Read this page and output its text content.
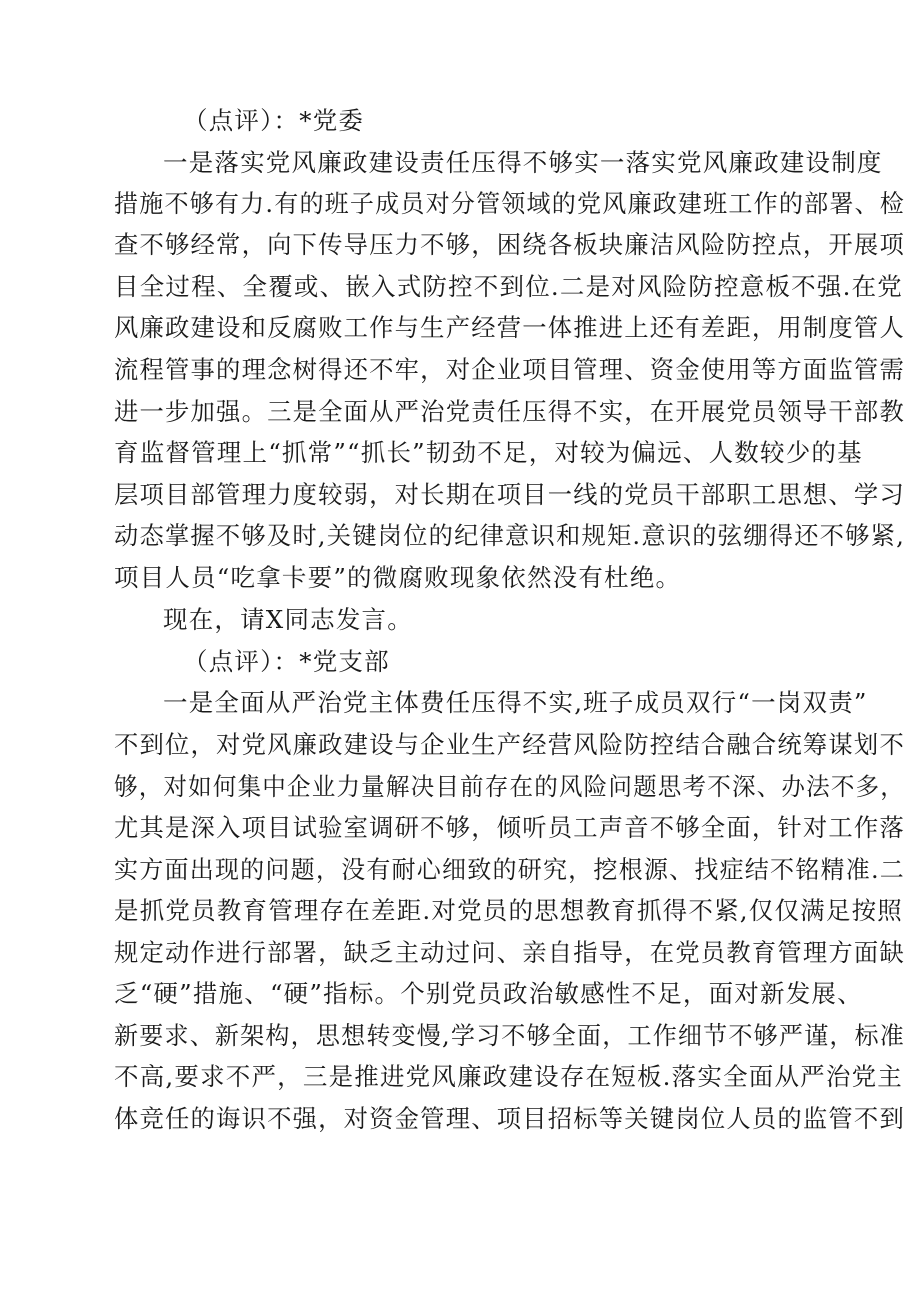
（点评）：*党委
一是落实党风廉政建设责任压得不够实一落实党风廉政建设制度
措施不够有力.有的班子成员对分管领域的党风廉政建班工作的部署、检
查不够经常，向下传导压力不够，困绕各板块廉洁风险防控点，开展项
目全过程、全覆或、嵌入式防控不到位.二是对风险防控意板不强.在党
风廉政建设和反腐败工作与生产经营一体推进上还有差距，用制度管人
流程管事的理念树得还不牢，对企业项目管理、资金使用等方面监管需
进一步加强。三是全面从严治党责任压得不实，在开展党员领导干部教
育监督管理上“抓常”“抓长”韧劲不足，对较为偏远、人数较少的基
层项目部管理力度较弱，对长期在项目一线的党员干部职工思想、学习
动态掌握不够及时,关键岗位的纪律意识和规矩.意识的弦绷得还不够紧,
项目人员“吃拿卡要”的微腐败现象依然没有杜绝。
现在，请X同志发言。
（点评）：*党支部
一是全面从严治党主体费任压得不实,班子成员双行“一岗双责”
不到位，对党风廉政建设与企业生产经营风险防控结合融合统筹谋划不
够，对如何集中企业力量解决目前存在的风险问题思考不深、办法不多，
尤其是深入项目试验室调研不够，倾听员工声音不够全面，针对工作落
实方面出现的问题，没有耐心细致的研究，挖根源、找症结不铭精准.二
是抓党员教育管理存在差距.对党员的思想教育抓得不紧,仅仅满足按照
规定动作进行部署，缺乏主动过问、亲自指导，在党员教育管理方面缺
乏“硬”措施、“硬”指标。个别党员政治敏感性不足，面对新发展、
新要求、新架构，思想转变慢,学习不够全面，工作细节不够严谨，标准
不高,要求不严，三是推进党风廉政建设存在短板.落实全面从严治党主
体竞任的诲识不强，对资金管理、项目招标等关键岗位人员的监管不到
